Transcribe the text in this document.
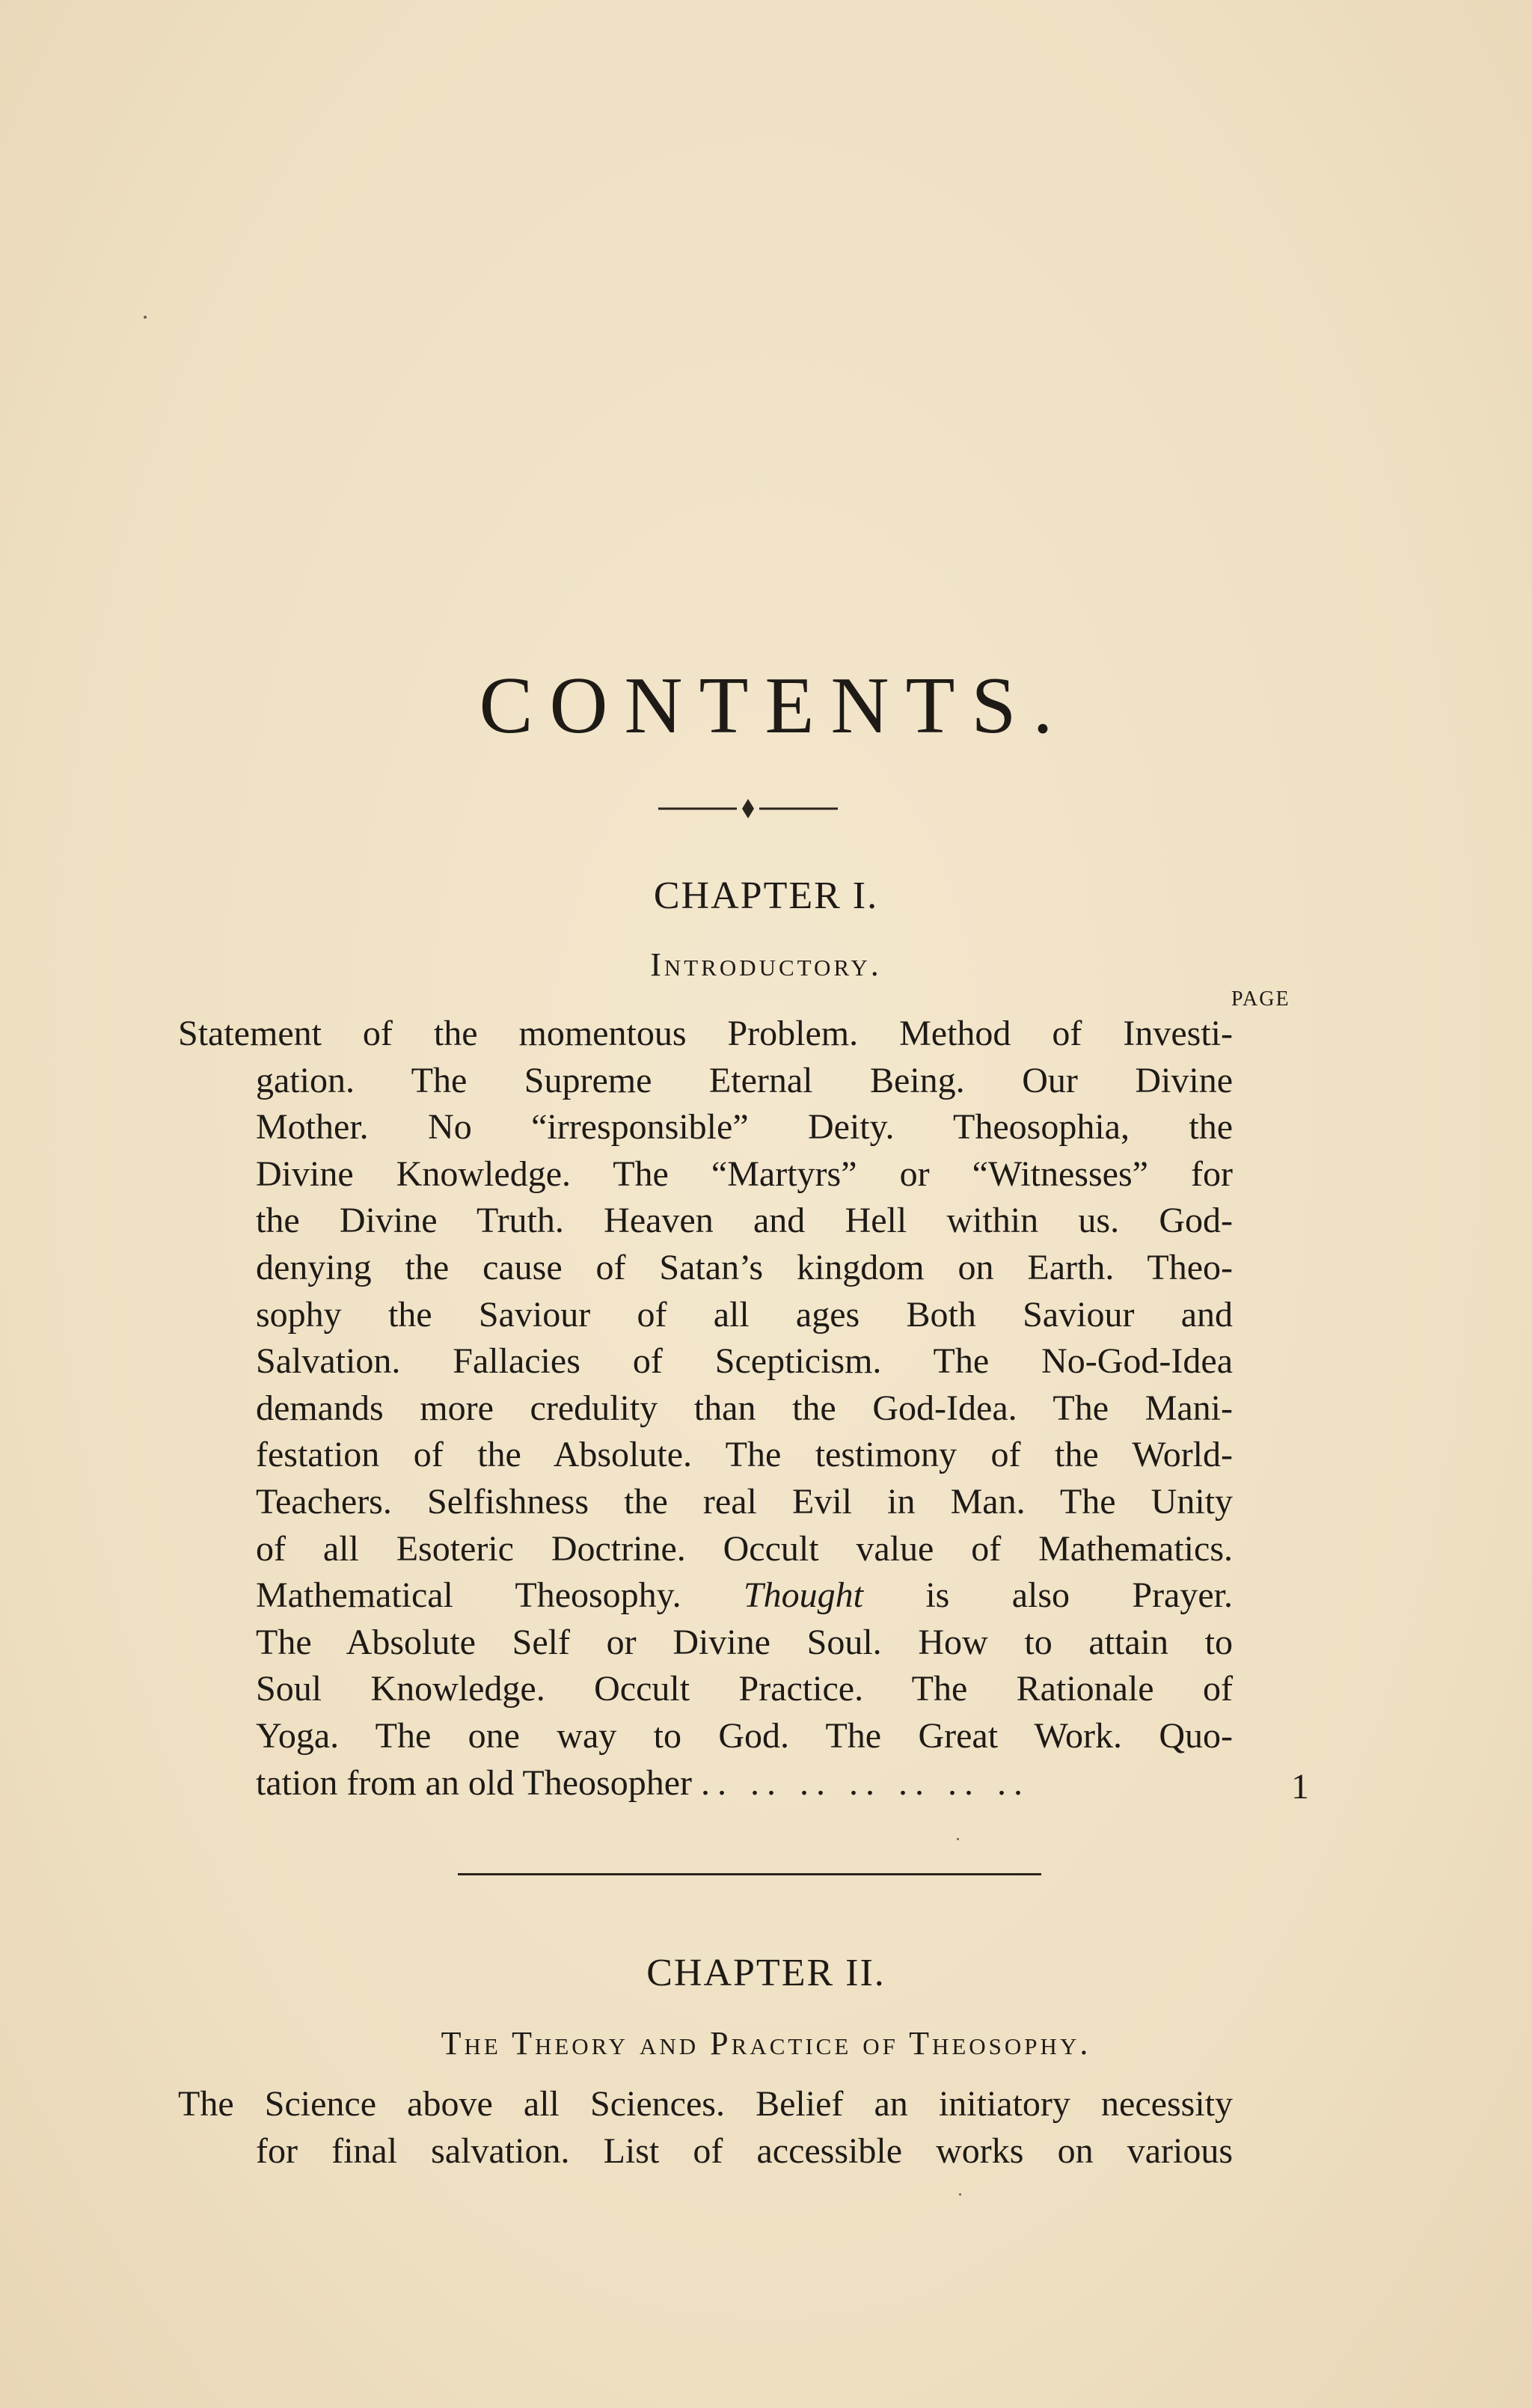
CONTENTS.
CHAPTER I.
Introductory.
PAGE
Statement of the momentous Problem. Method of Investi-
gation. The Supreme Eternal Being. Our Divine
Mother. No “irresponsible” Deity. Theosophia, the
Divine Knowledge. The “Martyrs” or “Witnesses” for
the Divine Truth. Heaven and Hell within us. God-
denying the cause of Satan’s kingdom on Earth. Theo-
sophy the Saviour of all ages Both Saviour and
Salvation. Fallacies of Scepticism. The No-God-Idea
demands more credulity than the God-Idea. The Mani-
festation of the Absolute. The testimony of the World-
Teachers. Selfishness the real Evil in Man. The Unity
of all Esoteric Doctrine. Occult value of Mathematics.
Mathematical Theosophy. Thought is also Prayer.
The Absolute Self or Divine Soul. How to attain to
Soul Knowledge. Occult Practice. The Rationale of
Yoga. The one way to God. The Great Work. Quo-
tation from an old Theosopher .. .. .. .. .. .. ..	1
CHAPTER II.
The Theory and Practice of Theosophy.
The Science above all Sciences. Belief an initiatory necessity
for final salvation. List of accessible works on various
